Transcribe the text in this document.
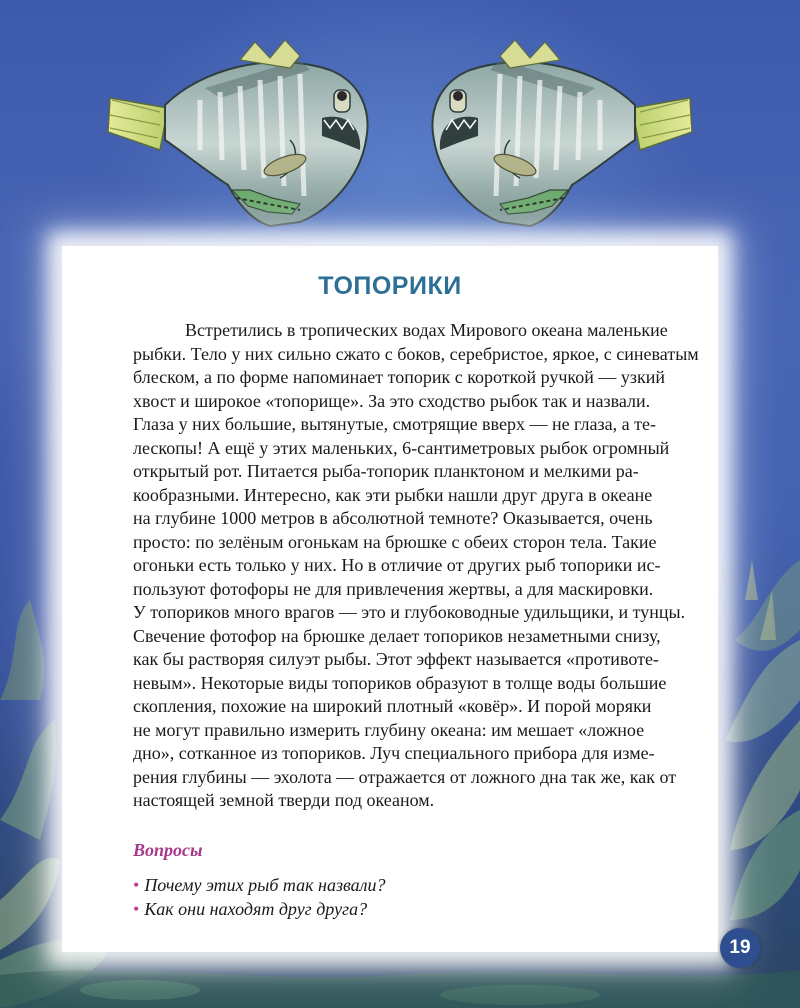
ТОПОРИКИ
Встретились в тропических водах Мирового океана маленькие
рыбки. Тело у них сильно сжато с боков, серебристое, яркое, с синеватым
блеском, а по форме напоминает топорик с короткой ручкой — узкий
хвост и широкое «топорище». За это сходство рыбок так и назвали.
Глаза у них большие, вытянутые, смотрящие вверх — не глаза, а те-
лескопы! А ещё у этих маленьких, 6-сантиметровых рыбок огромный
открытый рот. Питается рыба-топорик планктоном и мелкими ра-
кообразными. Интересно, как эти рыбки нашли друг друга в океане
на глубине 1000 метров в абсолютной темноте? Оказывается, очень
просто: по зелёным огонькам на брюшке с обеих сторон тела. Такие
огоньки есть только у них. Но в отличие от других рыб топорики ис-
пользуют фотофоры не для привлечения жертвы, а для маскировки.
У топориков много врагов — это и глубоководные удильщики, и тунцы.
Свечение фотофор на брюшке делает топориков незаметными снизу,
как бы растворяя силуэт рыбы. Этот эффект называется «противоте-
невым». Некоторые виды топориков образуют в толще воды большие
скопления, похожие на широкий плотный «ковёр». И порой моряки
не могут правильно измерить глубину океана: им мешает «ложное
дно», сотканное из топориков. Луч специального прибора для изме-
рения глубины — эхолота — отражается от ложного дна так же, как от
настоящей земной тверди под океаном.
Вопросы
• Почему этих рыб так назвали?
• Как они находят друг друга?
19
